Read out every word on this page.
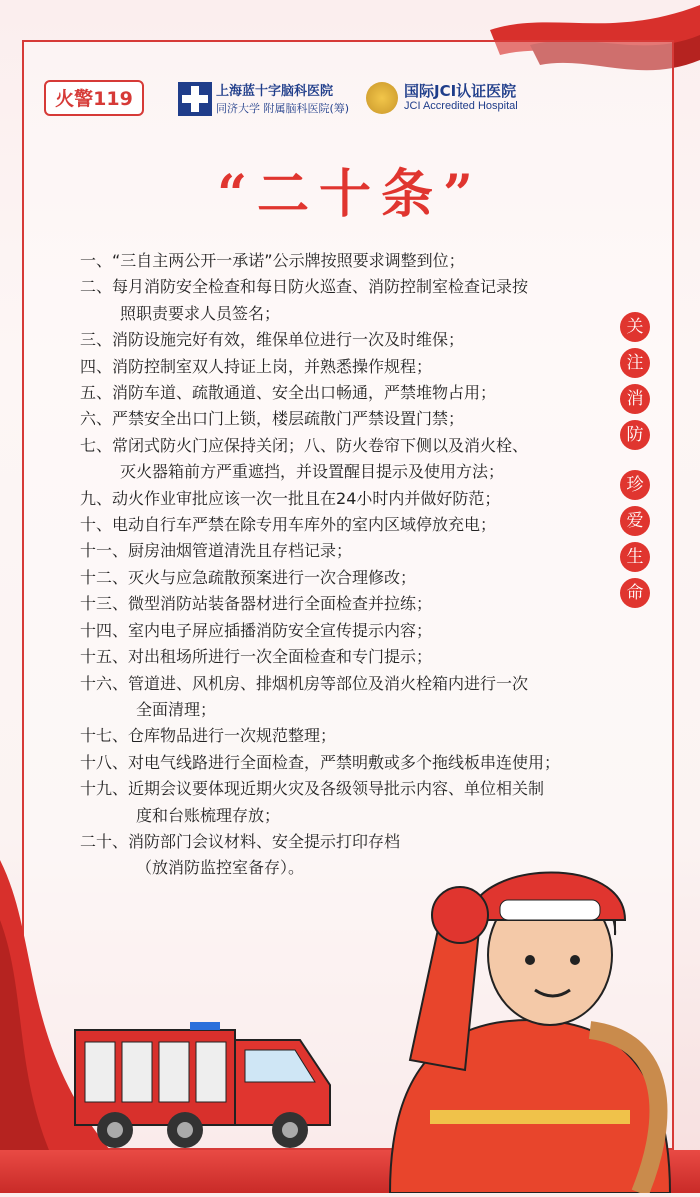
火警119	上海蓝十字脑科医院
同济大学 附属脑科医院(筹)
国际JCI认证医院
JCI Accredited Hospital
“二十条”
一、“三自主两公开一承诺”公示牌按照要求调整到位；
二、每月消防安全检查和每日防火巡查、消防控制室检查记录按
照职责要求人员签名；
三、消防设施完好有效，维保单位进行一次及时维保；
四、消防控制室双人持证上岗，并熟悉操作规程；
五、消防车道、疏散通道、安全出口畅通，严禁堆物占用；
六、严禁安全出口门上锁，楼层疏散门严禁设置门禁；
七、常闭式防火门应保持关闭；八、防火卷帘下侧以及消火栓、
灭火器箱前方严重遮挡，并设置醒目提示及使用方法；
九、动火作业审批应该一次一批且在24小时内并做好防范；
十、电动自行车严禁在除专用车库外的室内区域停放充电；
十一、厨房油烟管道清洗且存档记录；
十二、灭火与应急疏散预案进行一次合理修改；
十三、微型消防站装备器材进行全面检查并拉练；
十四、室内电子屏应插播消防安全宣传提示内容；
十五、对出租场所进行一次全面检查和专门提示；
十六、管道进、风机房、排烟机房等部位及消火栓箱内进行一次
全面清理；
十七、仓库物品进行一次规范整理；
十八、对电气线路进行全面检查，严禁明敷或多个拖线板串连使用；
十九、近期会议要体现近期火灾及各级领导批示内容、单位相关制
度和台账梳理存放；
二十、消防部门会议材料、安全提示打印存档
（放消防监控室备存）。
关
注
消
防
珍
爱
生
命
